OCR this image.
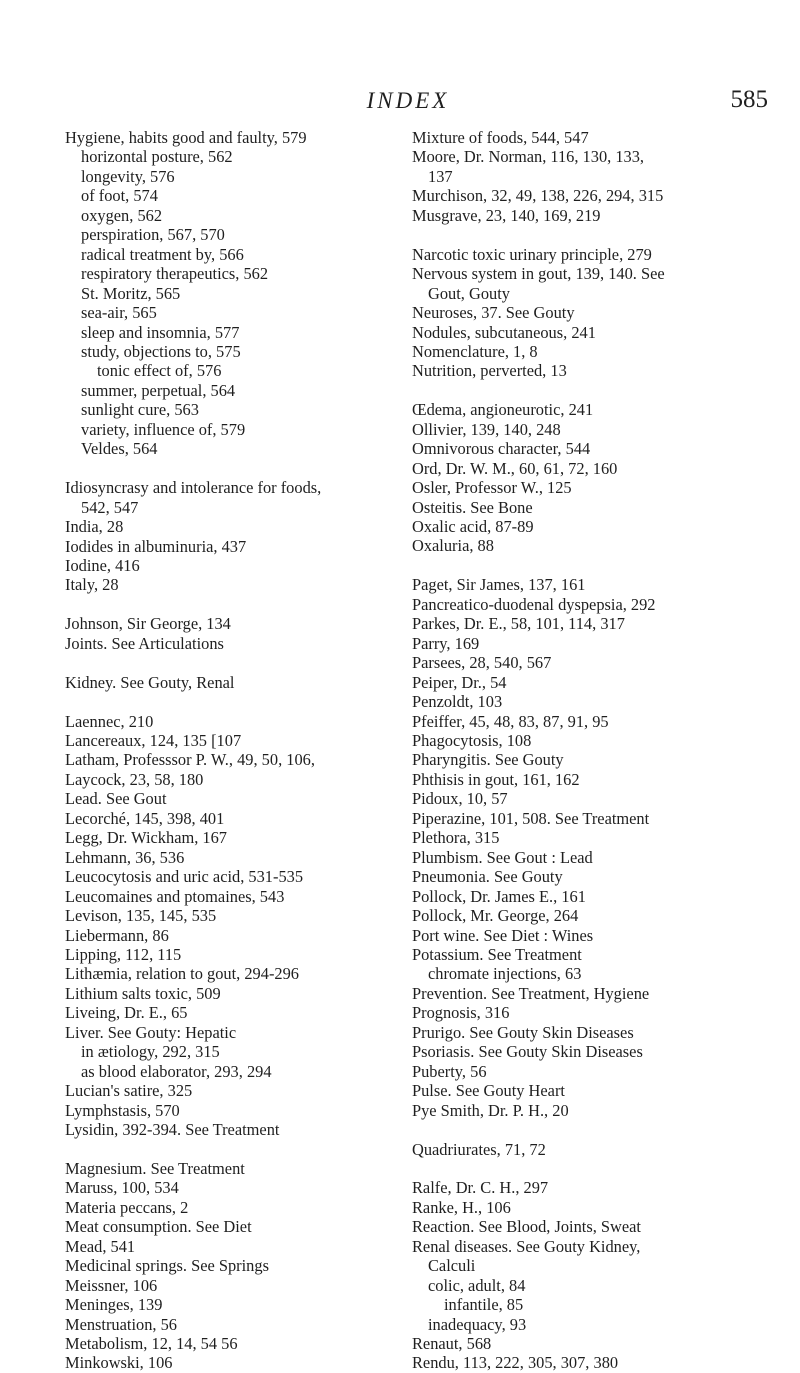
INDEX	585
Hygiene, habits good and faulty, 579
horizontal posture, 562
longevity, 576
of foot, 574
oxygen, 562
perspiration, 567, 570
radical treatment by, 566
respiratory therapeutics, 562
St. Moritz, 565
sea-air, 565
sleep and insomnia, 577
study, objections to, 575
tonic effect of, 576
summer, perpetual, 564
sunlight cure, 563
variety, influence of, 579
Veldes, 564
Idiosyncrasy and intolerance for foods,
542, 547
India, 28
Iodides in albuminuria, 437
Iodine, 416
Italy, 28
Johnson, Sir George, 134
Joints. See Articulations
Kidney. See Gouty, Renal
Laennec, 210
Lancereaux, 124, 135 [107
Latham, Professsor P. W., 49, 50, 106,
Laycock, 23, 58, 180
Lead. See Gout
Lecorché, 145, 398, 401
Legg, Dr. Wickham, 167
Lehmann, 36, 536
Leucocytosis and uric acid, 531-535
Leucomaines and ptomaines, 543
Levison, 135, 145, 535
Liebermann, 86
Lipping, 112, 115
Lithæmia, relation to gout, 294-296
Lithium salts toxic, 509
Liveing, Dr. E., 65
Liver. See Gouty: Hepatic
in ætiology, 292, 315
as blood elaborator, 293, 294
Lucian's satire, 325
Lymphstasis, 570
Lysidin, 392-394. See Treatment
Magnesium. See Treatment
Maruss, 100, 534
Materia peccans, 2
Meat consumption. See Diet
Mead, 541
Medicinal springs. See Springs
Meissner, 106
Meninges, 139
Menstruation, 56
Metabolism, 12, 14, 54 56
Minkowski, 106
Mixture of foods, 544, 547
Moore, Dr. Norman, 116, 130, 133,
137
Murchison, 32, 49, 138, 226, 294, 315
Musgrave, 23, 140, 169, 219
Narcotic toxic urinary principle, 279
Nervous system in gout, 139, 140. See
Gout, Gouty
Neuroses, 37. See Gouty
Nodules, subcutaneous, 241
Nomenclature, 1, 8
Nutrition, perverted, 13
Œdema, angioneurotic, 241
Ollivier, 139, 140, 248
Omnivorous character, 544
Ord, Dr. W. M., 60, 61, 72, 160
Osler, Professor W., 125
Osteitis. See Bone
Oxalic acid, 87-89
Oxaluria, 88
Paget, Sir James, 137, 161
Pancreatico-duodenal dyspepsia, 292
Parkes, Dr. E., 58, 101, 114, 317
Parry, 169
Parsees, 28, 540, 567
Peiper, Dr., 54
Penzoldt, 103
Pfeiffer, 45, 48, 83, 87, 91, 95
Phagocytosis, 108
Pharyngitis. See Gouty
Phthisis in gout, 161, 162
Pidoux, 10, 57
Piperazine, 101, 508. See Treatment
Plethora, 315
Plumbism. See Gout : Lead
Pneumonia. See Gouty
Pollock, Dr. James E., 161
Pollock, Mr. George, 264
Port wine. See Diet : Wines
Potassium. See Treatment
chromate injections, 63
Prevention. See Treatment, Hygiene
Prognosis, 316
Prurigo. See Gouty Skin Diseases
Psoriasis. See Gouty Skin Diseases
Puberty, 56
Pulse. See Gouty Heart
Pye Smith, Dr. P. H., 20
Quadriurates, 71, 72
Ralfe, Dr. C. H., 297
Ranke, H., 106
Reaction. See Blood, Joints, Sweat
Renal diseases. See Gouty Kidney,
Calculi
colic, adult, 84
infantile, 85
inadequacy, 93
Renaut, 568
Rendu, 113, 222, 305, 307, 380
